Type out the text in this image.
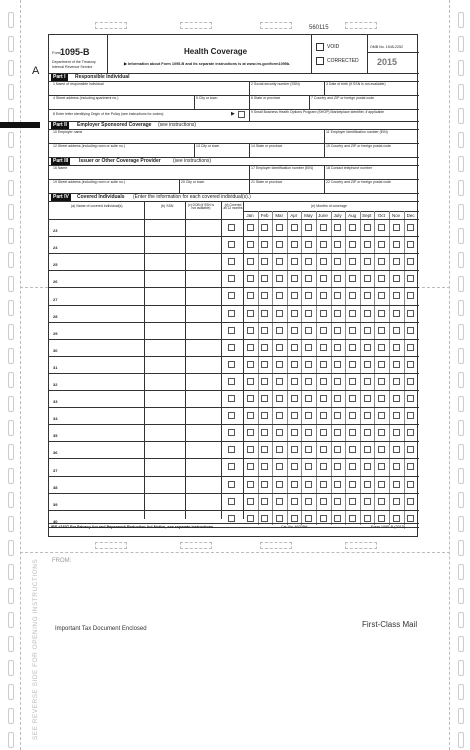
A
560115
Form
1095-B
Department of the Treasury
Internal Revenue Service
Health Coverage
▶ Information about Form 1095-B and its separate instructions is at www.irs.gov/form1095b.
VOID
CORRECTED
OMB No. 1545-2252
2015
Part I	Responsible Individual
1 Name of responsible individual	2 Social security number (SSN)	3 Date of birth (If SSN is not available)
4 Street address (including apartment no.)	5 City or town	6 State or province	7 Country and ZIP or foreign postal code
8 Enter letter identifying Origin of the Policy (see instructions for codes):	▶	9 Small Business Health Options Program (SHOP) Marketplace identifier, if applicable
Part II	Employer Sponsored Coverage (see instructions)
10 Employer name	11 Employer identification number (EIN)
12 Street address (including room or suite no.)	13 City or town	14 State or province	15 Country and ZIP or foreign postal code
Part III	Issuer or Other Coverage Provider (see instructions)
16 Name	17 Employer identification number (EIN)	18 Contact telephone number
19 Street address (including room or suite no.)	20 City or town	21 State or province	22 Country and ZIP or foreign postal code
Part IV	Covered Individuals (Enter the information for each covered individual(s).)
(a) Name of covered individual(s)	(b) SSN	(c) DOB (If SSN is not available)
(d) Covered all 12 months
(e) Months of coverage
Jan	Feb	Mar	Apr	May	June	July	Aug	Sept	Oct	Nov	Dec
23
24
25
26
27
28
29
30
31
32
33
34
35
36
37
38
39
40
IRS #1607 For Privacy Act and Paperwork Reduction Act Notice, see separate instructions.	Cat. No. 60705M	Form 1095-B (2015)
FROM:
Important Tax Document Enclosed	First-Class Mail
SEE REVERSE SIDE FOR OPENING INSTRUCTIONS
